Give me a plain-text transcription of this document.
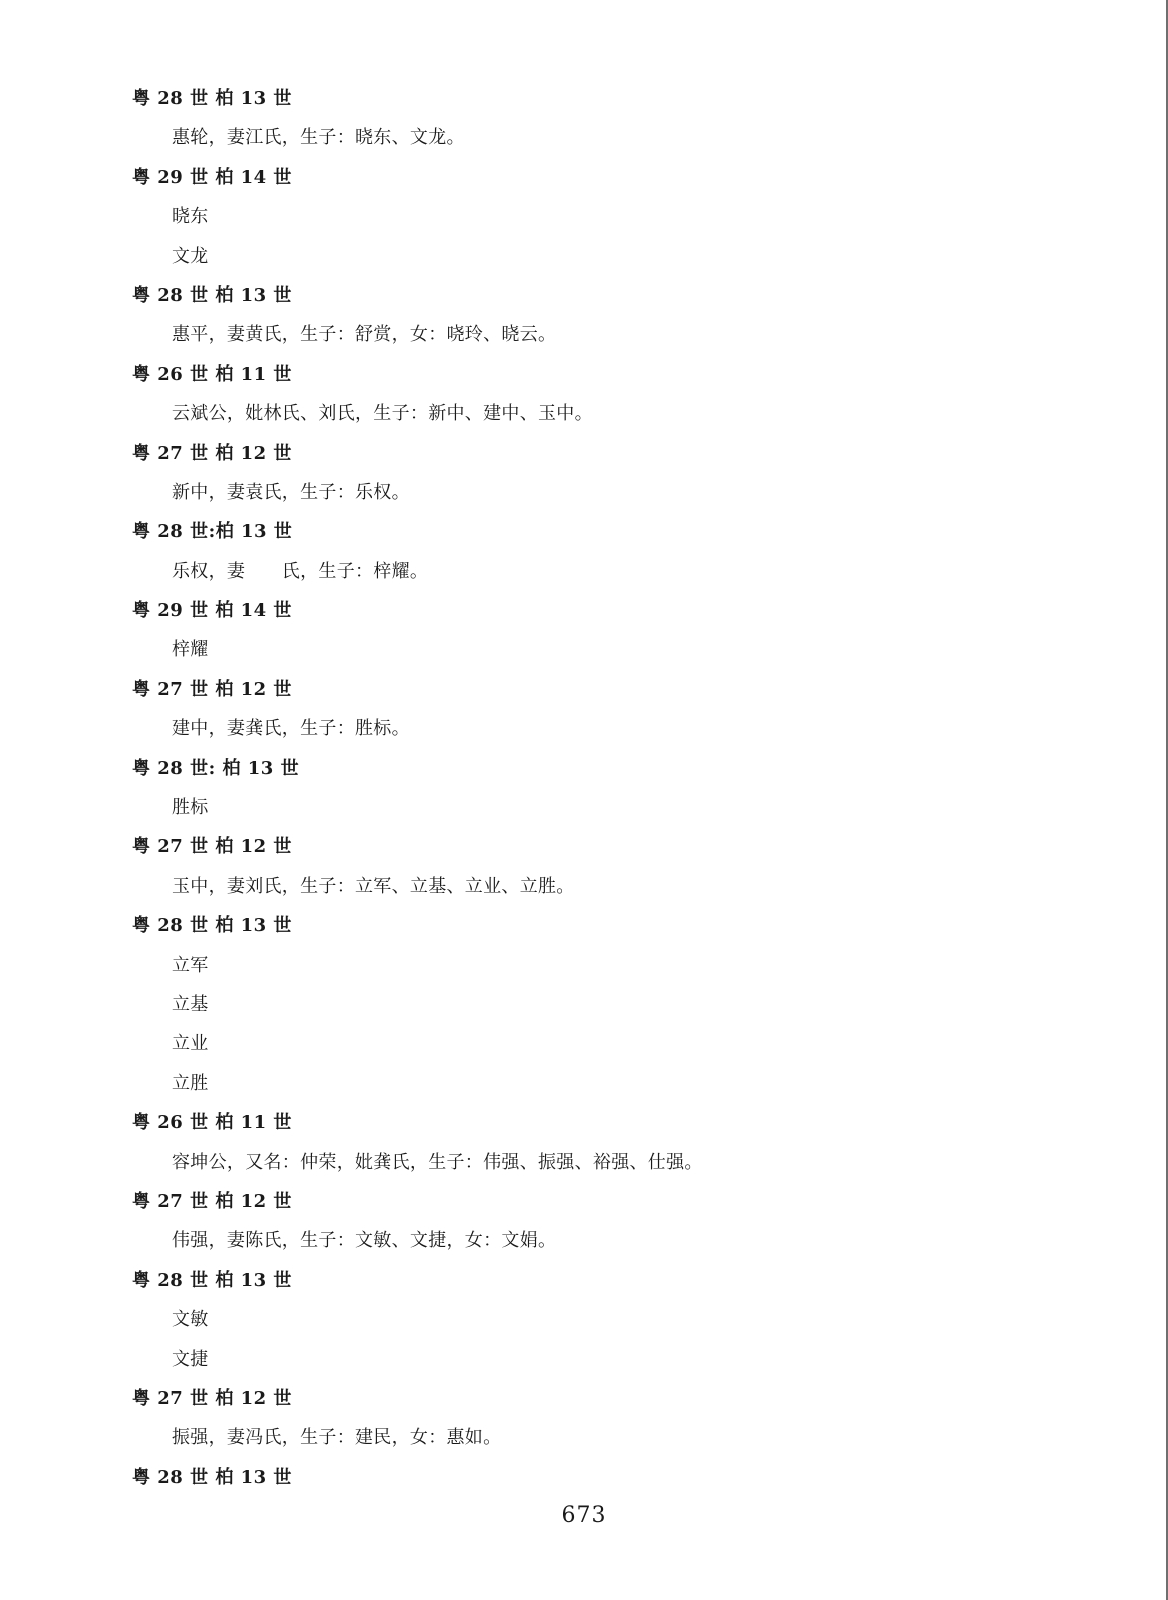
粤 28 世 柏 13 世
惠轮，妻江氏，生子：晓东、文龙。
粤 29 世 柏 14 世
晓东
文龙
粤 28 世 柏 13 世
惠平，妻黄氏，生子：舒赏，女：哓玲、晓云。
粤 26 世 柏 11 世
云斌公，妣林氏、刘氏，生子：新中、建中、玉中。
粤 27 世 柏 12 世
新中，妻袁氏，生子：乐权。
粤 28 世:柏 13 世
乐权，妻　　氏，生子：梓耀。
粤 29 世 柏 14 世
梓耀
粤 27 世 柏 12 世
建中，妻龚氏，生子：胜标。
粤 28 世: 柏 13 世
胜标
粤 27 世 柏 12 世
玉中，妻刘氏，生子：立军、立基、立业、立胜。
粤 28 世 柏 13 世
立军
立基
立业
立胜
粤 26 世 柏 11 世
容坤公，又名：仲荣，妣龚氏，生子：伟强、振强、裕强、仕强。
粤 27 世 柏 12 世
伟强，妻陈氏，生子：文敏、文捷，女：文娟。
粤 28 世 柏 13 世
文敏
文捷
粤 27 世 柏 12 世
振强，妻冯氏，生子：建民，女：惠如。
粤 28 世 柏 13 世
673
